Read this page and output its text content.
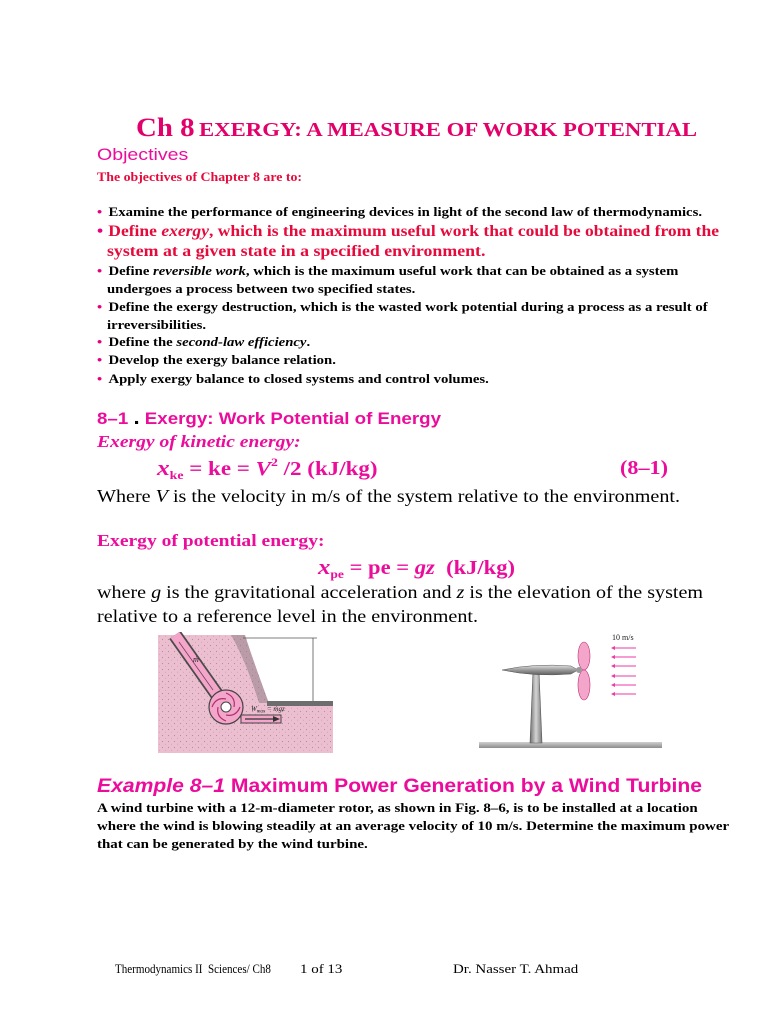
Ch 8 EXERGY: A MEASURE OF WORK POTENTIAL
Objectives
The objectives of Chapter 8 are to:
• Examine the performance of engineering devices in light of the second law of thermodynamics.
• Define exergy, which is the maximum useful work that could be obtained from the
system at a given state in a specified environment.
• Define reversible work, which is the maximum useful work that can be obtained as a system
undergoes a process between two specified states.
• Define the exergy destruction, which is the wasted work potential during a process as a result of
irreversibilities.
• Define the second-law efficiency.
• Develop the exergy balance relation.
• Apply exergy balance to closed systems and control volumes.
8–1 . Exergy: Work Potential of Energy
Exergy of kinetic energy:
$x_{ke}$ = ke = $V^2$ /2 (kJ/kg)	(8–1)
Where V is the velocity in m/s of the system relative to the environment.
Exergy of potential energy:
$x_{pe}$ = pe = gz  (kJ/kg)
where g is the gravitational acceleration and z is the elevation of the system
relative to a reference level in the environment.
ṁ
$W_{max}$ = ṁgz
10 m/s
Example 8–1 Maximum Power Generation by a Wind Turbine
A wind turbine with a 12-m-diameter rotor, as shown in Fig. 8–6, is to be installed at a location
where the wind is blowing steadily at an average velocity of 10 m/s. Determine the maximum power
that can be generated by the wind turbine.
Thermodynamics II  Sciences/ Ch8 1 of 13	Dr. Nasser T. Ahmad
